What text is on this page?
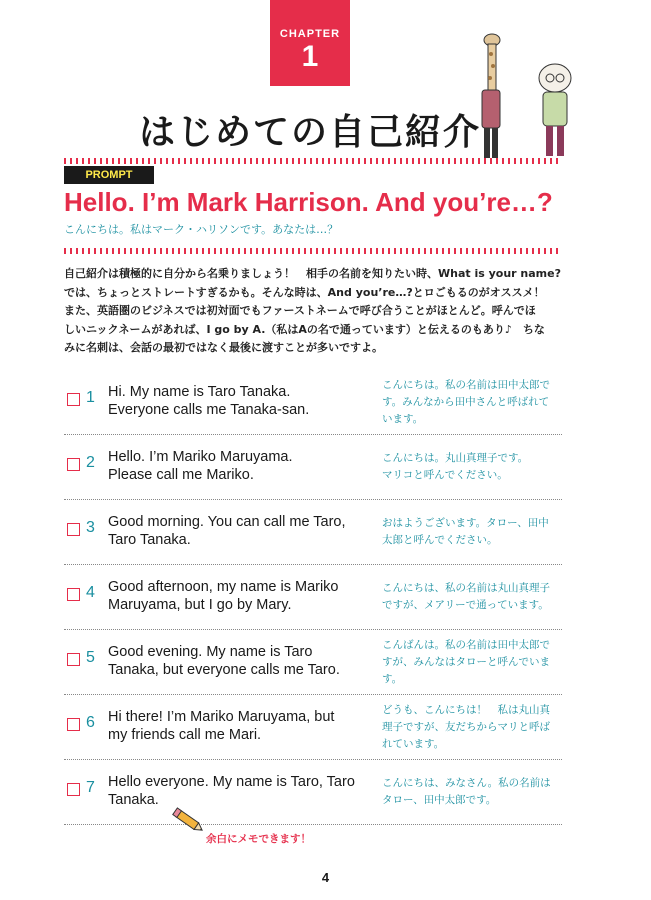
CHAPTER
1
はじめての自己紹介
PROMPT
Hello. I’m Mark Harrison. And you’re…?
こんにちは。私はマーク・ハリソンです。あなたは…？
自己紹介は積極的に自分から名乗りましょう！　相手の名前を知りたい時、What is your name?
では、ちょっとストレートすぎるかも。そんな時は、And you’re…?とロごもるのがオススメ！
また、英語圏のビジネスでは初対面でもファーストネームで呼び合うことがほとんど。呼んでほ
しいニックネームがあれば、I go by A.（私はAの名で通っています）と伝えるのもあり♪　ちな
みに名刺は、会話の最初ではなく最後に渡すことが多いですよ。
1 Hi. My name is Taro Tanaka.
Everyone calls me Tanaka-san.
こんにちは。私の名前は田中太郎で
す。みんなから田中さんと呼ばれて
います。
2 Hello. I’m Mariko Maruyama.
Please call me Mariko.
こんにちは。丸山真理子です。
マリコと呼んでください。
3 Good morning. You can call me Taro,
Taro Tanaka.
おはようございます。タロー、田中
太郎と呼んでください。
4 Good afternoon, my name is Mariko
Maruyama, but I go by Mary.
こんにちは、私の名前は丸山真理子
ですが、メアリーで通っています。
5 Good evening. My name is Taro
Tanaka, but everyone calls me Taro.
こんばんは。私の名前は田中太郎で
すが、みんなはタローと呼んでいま
す。
6 Hi there! I’m Mariko Maruyama, but
my friends call me Mari.
どうも、こんにちは！　私は丸山真
理子ですが、友だちからマリと呼ば
れています。
7 Hello everyone. My name is Taro, Taro
Tanaka.
こんにちは、みなさん。私の名前は
タロー、田中太郎です。
余白にメモできます！
4
